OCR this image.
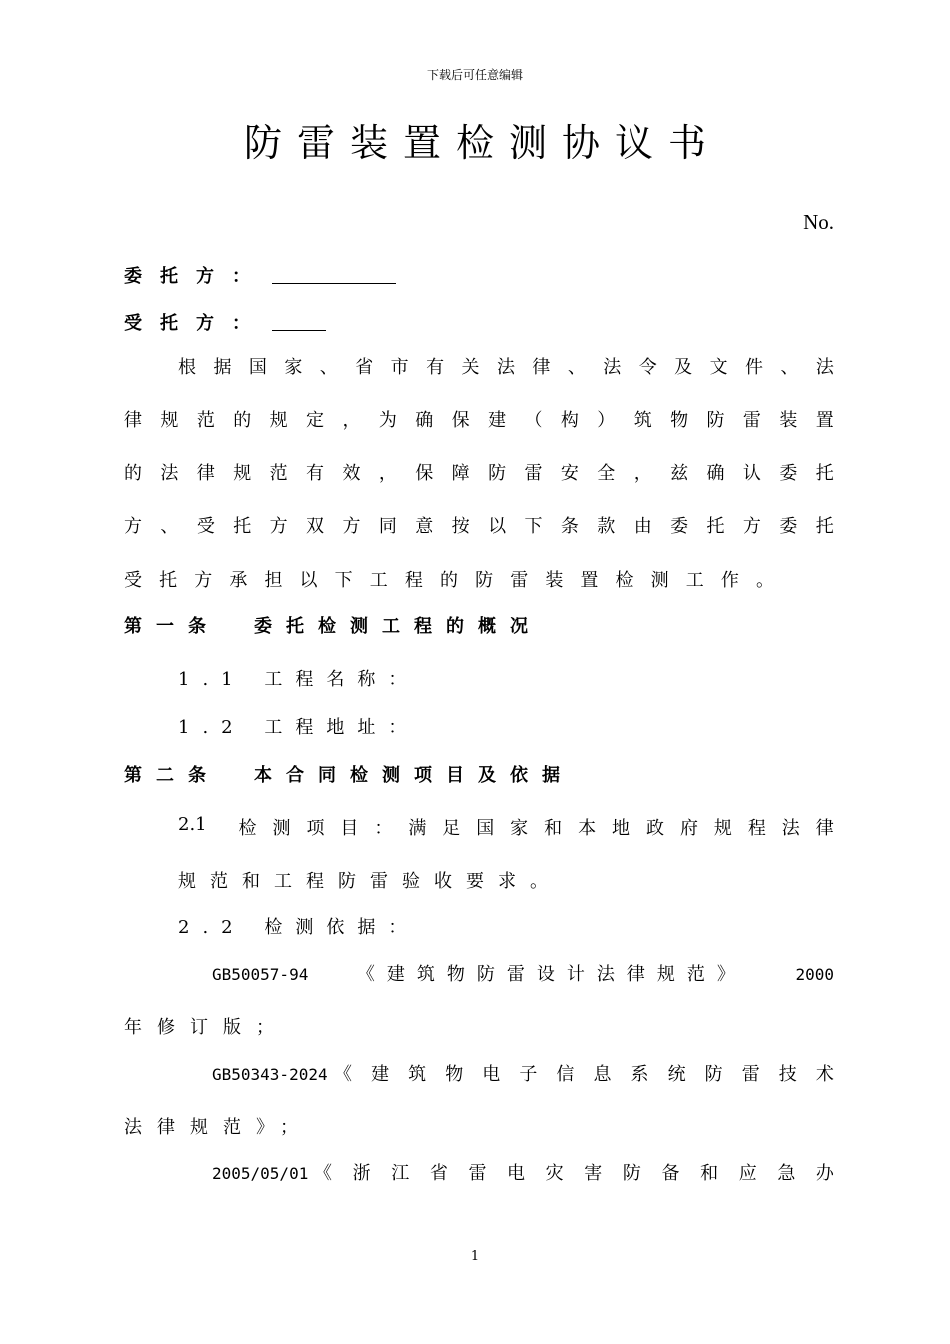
下载后可任意编辑
防雷装置检测协议书
No.
委托方：
受托方：
根 据 国 家 、 省 市 有 关 法 律 、 法 令 及 文 件 、 法
律 规 范 的 规 定 ， 为 确 保 建 （ 构 ） 筑 物 防 雷 装 置
的 法 律 规 范 有 效 ， 保 障 防 雷 安 全 ， 兹 确 认 委 托
方 、 受 托 方 双 方 同 意 按 以 下 条 款 由 委 托 方 委 托
受 托 方 承 担 以 下 工 程 的 防 雷 装 置 检 测 工 作 。
第一条 委托检测工程的概况
1.1 工程名称：
1.2 工程地址：
第二条 本合同检测项目及依据
2.1 检 测 项 目 ： 满 足 国 家 和 本 地 政 府 规 程 法 律
规范和工程防雷验收要求。
2.2 检测依据：
GB50057-94	《建筑物防雷设计法律规范》	2000
年修订版；
GB50343-2024 《 建 筑 物 电 子 信 息 系 统 防 雷 技 术
法律规范》；
2005/05/01 《 浙 江 省 雷 电 灾 害 防 备 和 应 急 办
1
